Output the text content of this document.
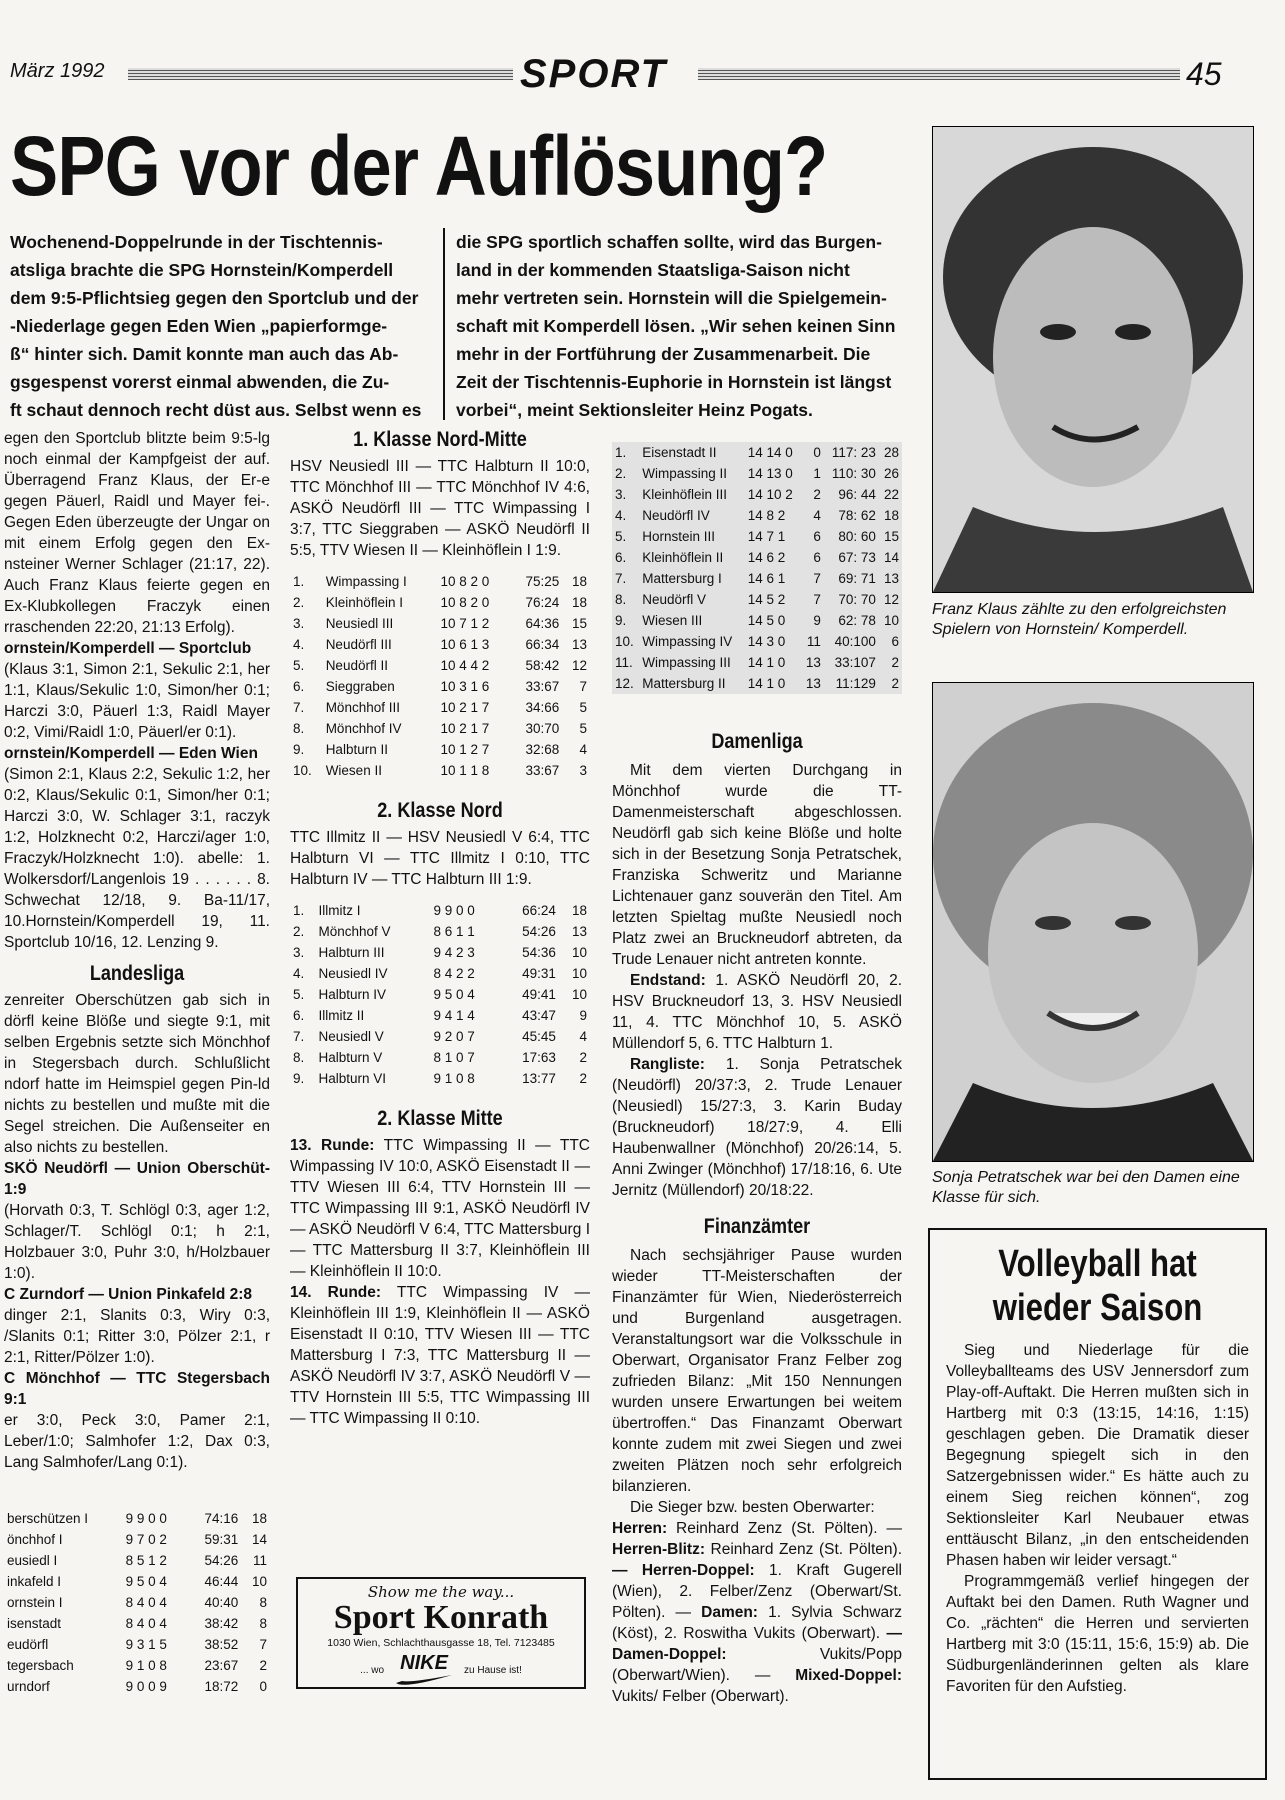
März 1992	SPORT	45
SPG vor der Auflösung?

Wochenend-Doppelrunde in der Tischtennis-

atsliga brachte die SPG Hornstein/Komperdell

dem 9:5-Pflichtsieg gegen den Sportclub und der

-Niederlage gegen Eden Wien „papierformge-

ß“ hinter sich. Damit konnte man auch das Ab-

gsgespenst vorerst einmal abwenden, die Zu-

ft schaut dennoch recht düst aus. Selbst wenn es

die SPG sportlich schaffen sollte, wird das Burgen-

land in der kommenden Staatsliga-Saison nicht

mehr vertreten sein. Hornstein will die Spielgemein-

schaft mit Komperdell lösen. „Wir sehen keinen Sinn

mehr in der Fortführung der Zusammenarbeit. Die

Zeit der Tischtennis-Euphorie in Hornstein ist längst

vorbei“, meint Sektionsleiter Heinz Pogats.

egen den Sportclub blitzte beim 9:5-lg noch einmal der Kampfgeist der auf. Überragend Franz Klaus, der Er-e gegen Päuerl, Raidl und Mayer fei-. Gegen Eden überzeugte der Ungar on mit einem Erfolg gegen den Ex-nsteiner Werner Schlager (21:17, 22). Auch Franz Klaus feierte gegen en Ex-Klubkollegen Fraczyk einen rraschenden 22:20, 21:13 Erfolg).

ornstein/Komperdell — Sportclub

(Klaus 3:1, Simon 2:1, Sekulic 2:1, her 1:1, Klaus/Sekulic 1:0, Simon/her 0:1; Harczi 3:0, Päuerl 1:3, Raidl Mayer 0:2, Vimi/Raidl 1:0, Päuerl/er 0:1).

ornstein/Komperdell — Eden Wien

(Simon 2:1, Klaus 2:2, Sekulic 1:2, her 0:2, Klaus/Sekulic 0:1, Simon/her 0:1; Harczi 3:0, W. Schlager 3:1, raczyk 1:2, Holzknecht 0:2, Harczi/ager 1:0, Fraczyk/Holzknecht 1:0). abelle: 1. Wolkersdorf/Langenlois 19 . . . . . . 8. Schwechat 12/18, 9. Ba-11/17, 10.Hornstein/Komperdell 19, 11. Sportclub 10/16, 12. Lenzing 9.

Landesliga

zenreiter Oberschützen gab sich in dörfl keine Blöße und siegte 9:1, mit selben Ergebnis setzte sich Mönchhof in Stegersbach durch. Schlußlicht ndorf hatte im Heimspiel gegen Pin-ld nichts zu bestellen und mußte mit die Segel streichen. Die Außenseiter en also nichts zu bestellen.

SKÖ Neudörfl — Union Oberschüt-1:9

(Horvath 0:3, T. Schlögl 0:3, ager 1:2, Schlager/T. Schlögl 0:1; h 2:1, Holzbauer 3:0, Puhr 3:0, h/Holzbauer 1:0).

C Zurndorf — Union Pinkafeld 2:8

dinger 2:1, Slanits 0:3, Wiry 0:3, /Slanits 0:1; Ritter 3:0, Pölzer 2:1, r 2:1, Ritter/Pölzer 1:0).

C Mönchhof — TTC Stegersbach 9:1

er 3:0, Peck 3:0, Pamer 2:1, Leber/1:0; Salmhofer 1:2, Dax 0:3, Lang Salmhofer/Lang 0:1).

berschützen I	9 9 0 0	74:16	18
önchhof I	9 7 0 2	59:31	14
eusiedl I	8 5 1 2	54:26	11
inkafeld I	9 5 0 4	46:44	10
ornstein I	8 4 0 4	40:40	8
isenstadt	8 4 0 4	38:42	8
eudörfl	9 3 1 5	38:52	7
tegersbach	9 1 0 8	23:67	2
urndorf	9 0 0 9	18:72	0
1. Klasse Nord-Mitte
HSV Neusiedl III — TTC Halbturn II 10:0, TTC Mönchhof III — TTC Mönchhof IV 4:6, ASKÖ Neudörfl III — TTC Wimpassing I 3:7, TTC Sieggraben — ASKÖ Neudörfl II 5:5, TTV Wiesen II — Kleinhöflein I 1:9.
1.	Wimpassing I	10 8 2 0	75:25	18
2.	Kleinhöflein I	10 8 2 0	76:24	18
3.	Neusiedl III	10 7 1 2	64:36	15
4.	Neudörfl III	10 6 1 3	66:34	13
5.	Neudörfl II	10 4 4 2	58:42	12
6.	Sieggraben	10 3 1 6	33:67	7
7.	Mönchhof III	10 2 1 7	34:66	5
8.	Mönchhof IV	10 2 1 7	30:70	5
9.	Halbturn II	10 1 2 7	32:68	4
10.	Wiesen II	10 1 1 8	33:67	3
2. Klasse Nord
TTC Illmitz II — HSV Neusiedl V 6:4, TTC Halbturn VI — TTC Illmitz I 0:10, TTC Halbturn IV — TTC Halbturn III 1:9.
1.	Illmitz I	9 9 0 0	66:24	18
2.	Mönchhof V	8 6 1 1	54:26	13
3.	Halbturn III	9 4 2 3	54:36	10
4.	Neusiedl IV	8 4 2 2	49:31	10
5.	Halbturn IV	9 5 0 4	49:41	10
6.	Illmitz II	9 4 1 4	43:47	9
7.	Neusiedl V	9 2 0 7	45:45	4
8.	Halbturn V	8 1 0 7	17:63	2
9.	Halbturn VI	9 1 0 8	13:77	2
2. Klasse Mitte
13. Runde: TTC Wimpassing II — TTC Wimpassing IV 10:0, ASKÖ Eisenstadt II — TTV Wiesen III 6:4, TTV Hornstein III — TTC Wimpassing III 9:1, ASKÖ Neudörfl IV — ASKÖ Neudörfl V 6:4, TTC Mattersburg I — TTC Mattersburg II 3:7, Kleinhöflein III — Kleinhöflein II 10:0.
14. Runde: TTC Wimpassing IV — Kleinhöflein III 1:9, Kleinhöflein II — ASKÖ Eisenstadt II 0:10, TTV Wiesen III — TTC Mattersburg I 7:3, TTC Mattersburg II — ASKÖ Neudörfl IV 3:7, ASKÖ Neudörfl V — TTV Hornstein III 5:5, TTC Wimpassing III — TTC Wimpassing II 0:10.
Show me the way...
Sport Konrath
1030 Wien, Schlachthausgasse 18, Tel. 7123485
... wo NIKE zu Hause ist!
1.	Eisenstadt II	14 14 0	0	117: 23	28
2.	Wimpassing II	14 13 0	1	110: 30	26
3.	Kleinhöflein III	14 10 2	2	96: 44	22
4.	Neudörfl IV	14 8 2	4	78: 62	18
5.	Hornstein III	14 7 1	6	80: 60	15
6.	Kleinhöflein II	14 6 2	6	67: 73	14
7.	Mattersburg I	14 6 1	7	69: 71	13
8.	Neudörfl V	14 5 2	7	70: 70	12
9.	Wiesen III	14 5 0	9	62: 78	10
10.	Wimpassing IV	14 3 0	11	40:100	6
11.	Wimpassing III	14 1 0	13	33:107	2
12.	Mattersburg II	14 1 0	13	11:129	2
Damenliga

Mit dem vierten Durchgang in Mönchhof wurde die TT-Damenmeisterschaft abgeschlossen. Neudörfl gab sich keine Blöße und holte sich in der Besetzung Sonja Petratschek, Franziska Schweritz und Marianne Lichtenauer ganz souverän den Titel. Am letzten Spieltag mußte Neusiedl noch Platz zwei an Bruckneudorf abtreten, da Trude Lenauer nicht antreten konnte.

Endstand: 1. ASKÖ Neudörfl 20, 2. HSV Bruckneudorf 13, 3. HSV Neusiedl 11, 4. TTC Mönchhof 10, 5. ASKÖ Müllendorf 5, 6. TTC Halbturn 1.

Rangliste: 1. Sonja Petratschek (Neudörfl) 20/37:3, 2. Trude Lenauer (Neusiedl) 15/27:3, 3. Karin Buday (Bruckneudorf) 18/27:9, 4. Elli Haubenwallner (Mönchhof) 20/26:14, 5. Anni Zwinger (Mönchhof) 17/18:16, 6. Ute Jernitz (Müllendorf) 20/18:22.

Finanzämter

Nach sechsjähriger Pause wurden wieder TT-Meisterschaften der Finanzämter für Wien, Niederösterreich und Burgenland ausgetragen. Veranstaltungsort war die Volksschule in Oberwart, Organisator Franz Felber zog zufrieden Bilanz: „Mit 150 Nennungen wurden unsere Erwartungen bei weitem übertroffen.“ Das Finanzamt Oberwart konnte zudem mit zwei Siegen und zwei zweiten Plätzen noch sehr erfolgreich bilanzieren.

Die Sieger bzw. besten Oberwarter:

Herren: Reinhard Zenz (St. Pölten). — Herren-Blitz: Reinhard Zenz (St. Pölten). — Herren-Doppel: 1. Kraft Gugerell (Wien), 2. Felber/Zenz (Oberwart/St. Pölten). — Damen: 1. Sylvia Schwarz (Köst), 2. Roswitha Vukits (Oberwart). — Damen-Doppel:	Vukits/Popp (Oberwart/Wien). — Mixed-Doppel: Vukits/ Felber (Oberwart).

Franz Klaus zählte zu den erfolgreichsten Spielern von Hornstein/ Komperdell.
Sonja Petratschek war bei den Damen eine Klasse für sich.
Volleyball hat wieder Saison

Sieg und Niederlage für die Volleyballteams des USV Jennersdorf zum Play-off-Auftakt. Die Herren mußten sich in Hartberg mit 0:3 (13:15, 14:16, 1:15) geschlagen geben. Die Dramatik dieser Begegnung spiegelt sich in den Satzergebnissen wider.“ Es hätte auch zu einem Sieg reichen können“, zog Sektionsleiter Karl Neubauer etwas enttäuscht Bilanz, „in den entscheidenden Phasen haben wir leider versagt.“

Programmgemäß verlief hingegen der Auftakt bei den Damen. Ruth Wagner und Co. „rächten“ die Herren und servierten Hartberg mit 3:0 (15:11, 15:6, 15:9) ab. Die Südburgenländerinnen gelten als klare Favoriten für den Aufstieg.
